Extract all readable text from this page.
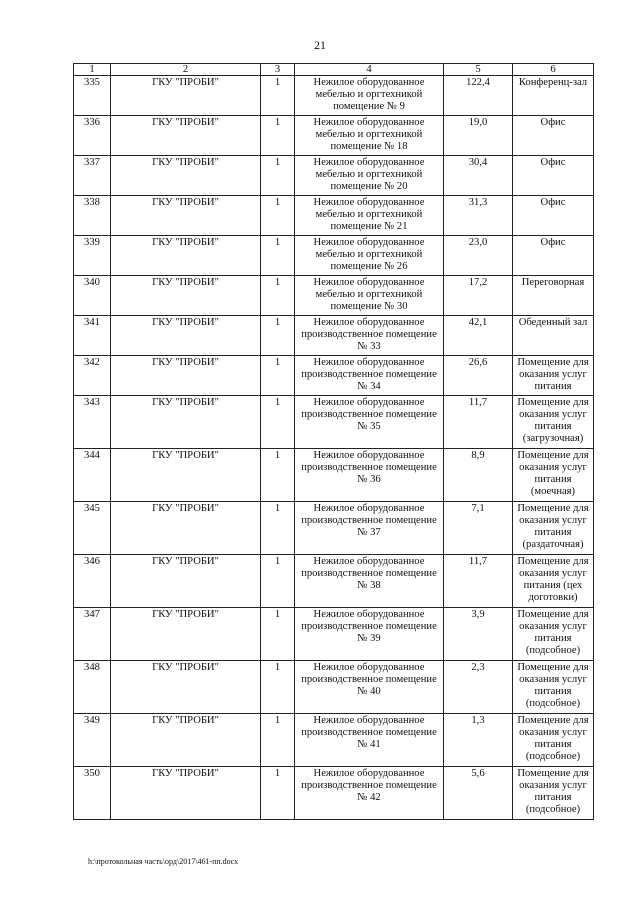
21
1	2	3	4	5	6
335	ГКУ "ПРОБИ"	1	Нежилое оборудованное мебелью и оргтехникой помещение № 9	122,4	Конференц-зал
336	ГКУ "ПРОБИ"	1	Нежилое оборудованное мебелью и оргтехникой помещение № 18	19,0	Офис
337	ГКУ "ПРОБИ"	1	Нежилое оборудованное мебелью и оргтехникой помещение № 20	30,4	Офис
338	ГКУ "ПРОБИ"	1	Нежилое оборудованное мебелью и оргтехникой помещение № 21	31,3	Офис
339	ГКУ "ПРОБИ"	1	Нежилое оборудованное мебелью и оргтехникой помещение № 26	23,0	Офис
340	ГКУ "ПРОБИ"	1	Нежилое оборудованное мебелью и оргтехникой помещение № 30	17,2	Переговорная
341	ГКУ "ПРОБИ"	1	Нежилое оборудованное производственное помещение № 33	42,1	Обеденный зал
342	ГКУ "ПРОБИ"	1	Нежилое оборудованное производственное помещение № 34	26,6	Помещение для оказания услуг питания
343	ГКУ "ПРОБИ"	1	Нежилое оборудованное производственное помещение № 35	11,7	Помещение для оказания услуг питания (загрузочная)
344	ГКУ "ПРОБИ"	1	Нежилое оборудованное производственное помещение № 36	8,9	Помещение для оказания услуг питания (моечная)
345	ГКУ "ПРОБИ"	1	Нежилое оборудованное производственное помещение № 37	7,1	Помещение для оказания услуг питания (раздаточная)
346	ГКУ "ПРОБИ"	1	Нежилое оборудованное производственное помещение № 38	11,7	Помещение для оказания услуг питания (цех доготовки)
347	ГКУ "ПРОБИ"	1	Нежилое оборудованное производственное помещение № 39	3,9	Помещение для оказания услуг питания (подсобное)
348	ГКУ "ПРОБИ"	1	Нежилое оборудованное производственное помещение № 40	2,3	Помещение для оказания услуг питания (подсобное)
349	ГКУ "ПРОБИ"	1	Нежилое оборудованное производственное помещение № 41	1,3	Помещение для оказания услуг питания (подсобное)
350	ГКУ "ПРОБИ"	1	Нежилое оборудованное производственное помещение № 42	5,6	Помещение для оказания услуг питания (подсобное)
h:\протокольная часть\орд\2017\461-пп.docx
